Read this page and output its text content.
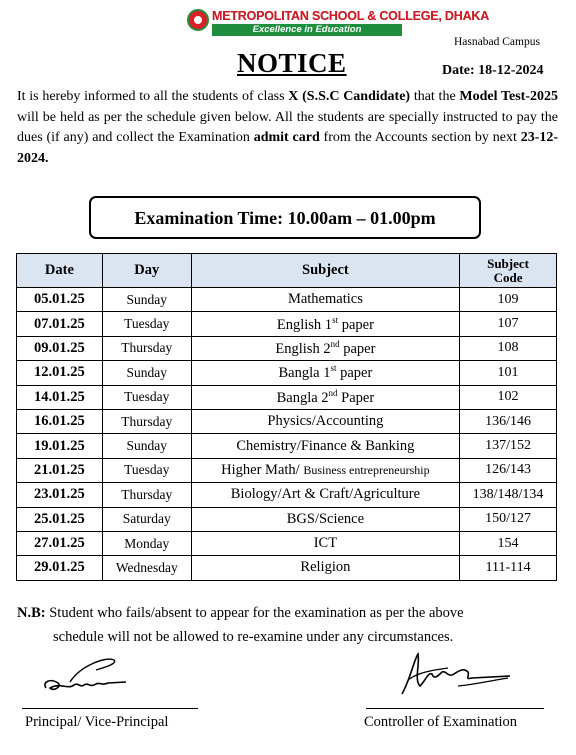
METROPOLITAN SCHOOL & COLLEGE, DHAKA
Excellence in Education
Hasnabad Campus
NOTICE	Date: 18-12-2024
It is hereby informed to all the students of class X (S.S.C Candidate) that the Model Test-2025 will be held as per the schedule given below. All the students are specially instructed to pay the dues (if any) and collect the Examination admit card from the Accounts section by next 23-12-2024.
Examination Time: 10.00am – 01.00pm
Date	Day	Subject	Subject
Code
05.01.25	Sunday	Mathematics	109
07.01.25	Tuesday	English 1st paper	107
09.01.25	Thursday	English 2nd paper	108
12.01.25	Sunday	Bangla 1st paper	101
14.01.25	Tuesday	Bangla 2nd Paper	102
16.01.25	Thursday	Physics/Accounting	136/146
19.01.25	Sunday	Chemistry/Finance & Banking	137/152
21.01.25	Tuesday	Higher Math/ Business entrepreneurship	126/143
23.01.25	Thursday	Biology/Art & Craft/Agriculture	138/148/134
25.01.25	Saturday	BGS/Science	150/127
27.01.25	Monday	ICT	154
29.01.25	Wednesday	Religion	111-114
N.B: Student who fails/absent to appear for the examination as per the above
schedule will not be allowed to re-examine under any circumstances.
Principal/ Vice-Principal	Controller of Examination
